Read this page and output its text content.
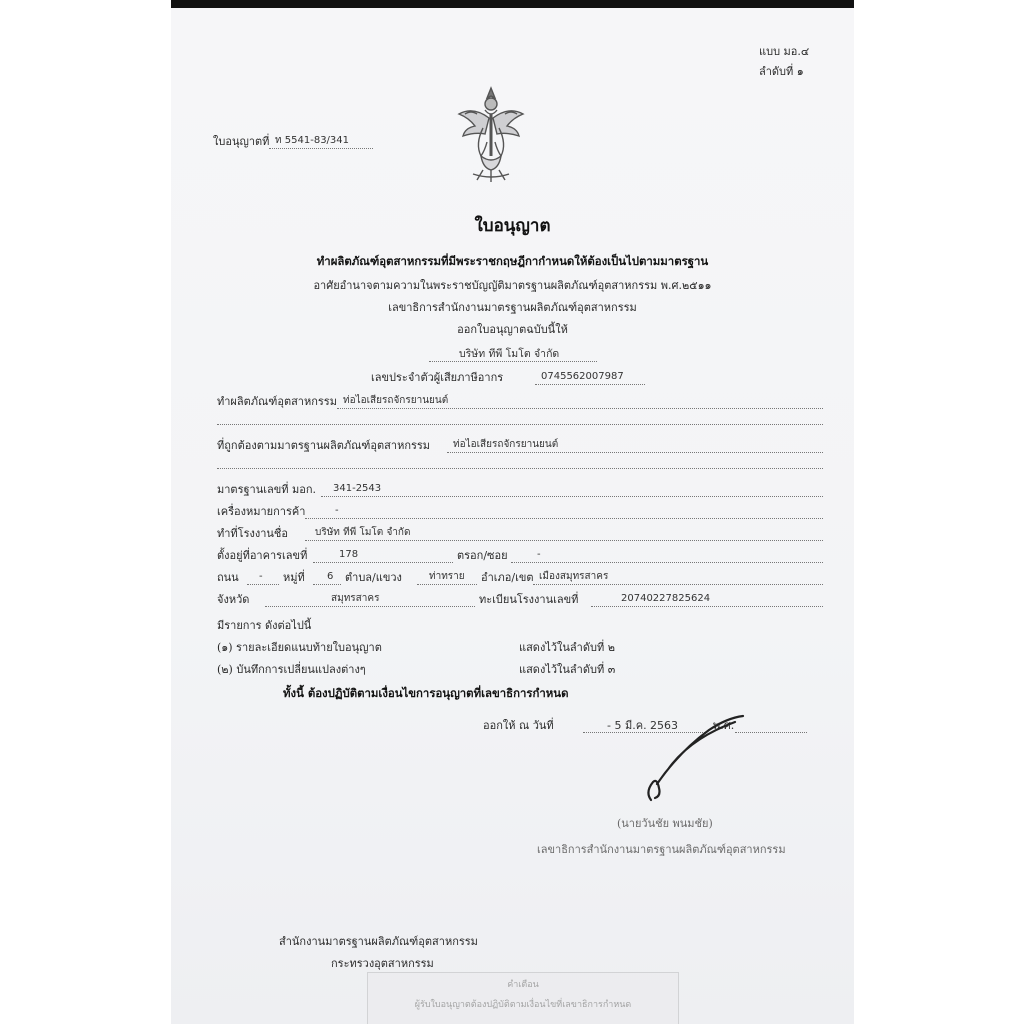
แบบ มอ.๔
ลำดับที่ ๑
ใบอนุญาตที่ ท 5541-83/341
ใบอนุญาต
ทำผลิตภัณฑ์อุตสาหกรรมที่มีพระราชกฤษฎีกากำหนดให้ต้องเป็นไปตามมาตรฐาน
อาศัยอำนาจตามความในพระราชบัญญัติมาตรฐานผลิตภัณฑ์อุตสาหกรรม พ.ศ.๒๕๑๑
เลขาธิการสำนักงานมาตรฐานผลิตภัณฑ์อุตสาหกรรม
ออกใบอนุญาตฉบับนี้ให้
บริษัท ทีพี โมโต จำกัด
เลขประจำตัวผู้เสียภาษีอากร	0745562007987
ทำผลิตภัณฑ์อุตสาหกรรม ท่อไอเสียรถจักรยานยนต์
ที่ถูกต้องตามมาตรฐานผลิตภัณฑ์อุตสาหกรรม ท่อไอเสียรถจักรยานยนต์
มาตรฐานเลขที่ มอก. 341-2543
เครื่องหมายการค้า	-
ทำที่โรงงานชื่อ	บริษัท ทีพี โมโต จำกัด
ตั้งอยู่ที่อาคารเลขที่	178	ตรอก/ซอย	-
ถนน - หมู่ที่ 6 ตำบล/แขวง	ท่าทราย อำเภอ/เขต เมืองสมุทรสาคร
จังหวัด	สมุทรสาคร	ทะเบียนโรงงานเลขที่	20740227825624
มีรายการ ดังต่อไปนี้
(๑) รายละเอียดแนบท้ายใบอนุญาต	แสดงไว้ในลำดับที่ ๒
(๒) บันทึกการเปลี่ยนแปลงต่างๆ	แสดงไว้ในลำดับที่ ๓
ทั้งนี้ ต้องปฏิบัติตามเงื่อนไขการอนุญาตที่เลขาธิการกำหนด
ออกให้ ณ วันที่	- 5 มี.ค. 2563	พ.ศ.
(นายวันชัย พนมชัย)
เลขาธิการสำนักงานมาตรฐานผลิตภัณฑ์อุตสาหกรรม
สำนักงานมาตรฐานผลิตภัณฑ์อุตสาหกรรม
กระทรวงอุตสาหกรรม
คำเตือน
ผู้รับใบอนุญาตต้องปฏิบัติตามเงื่อนไขที่เลขาธิการกำหนด
